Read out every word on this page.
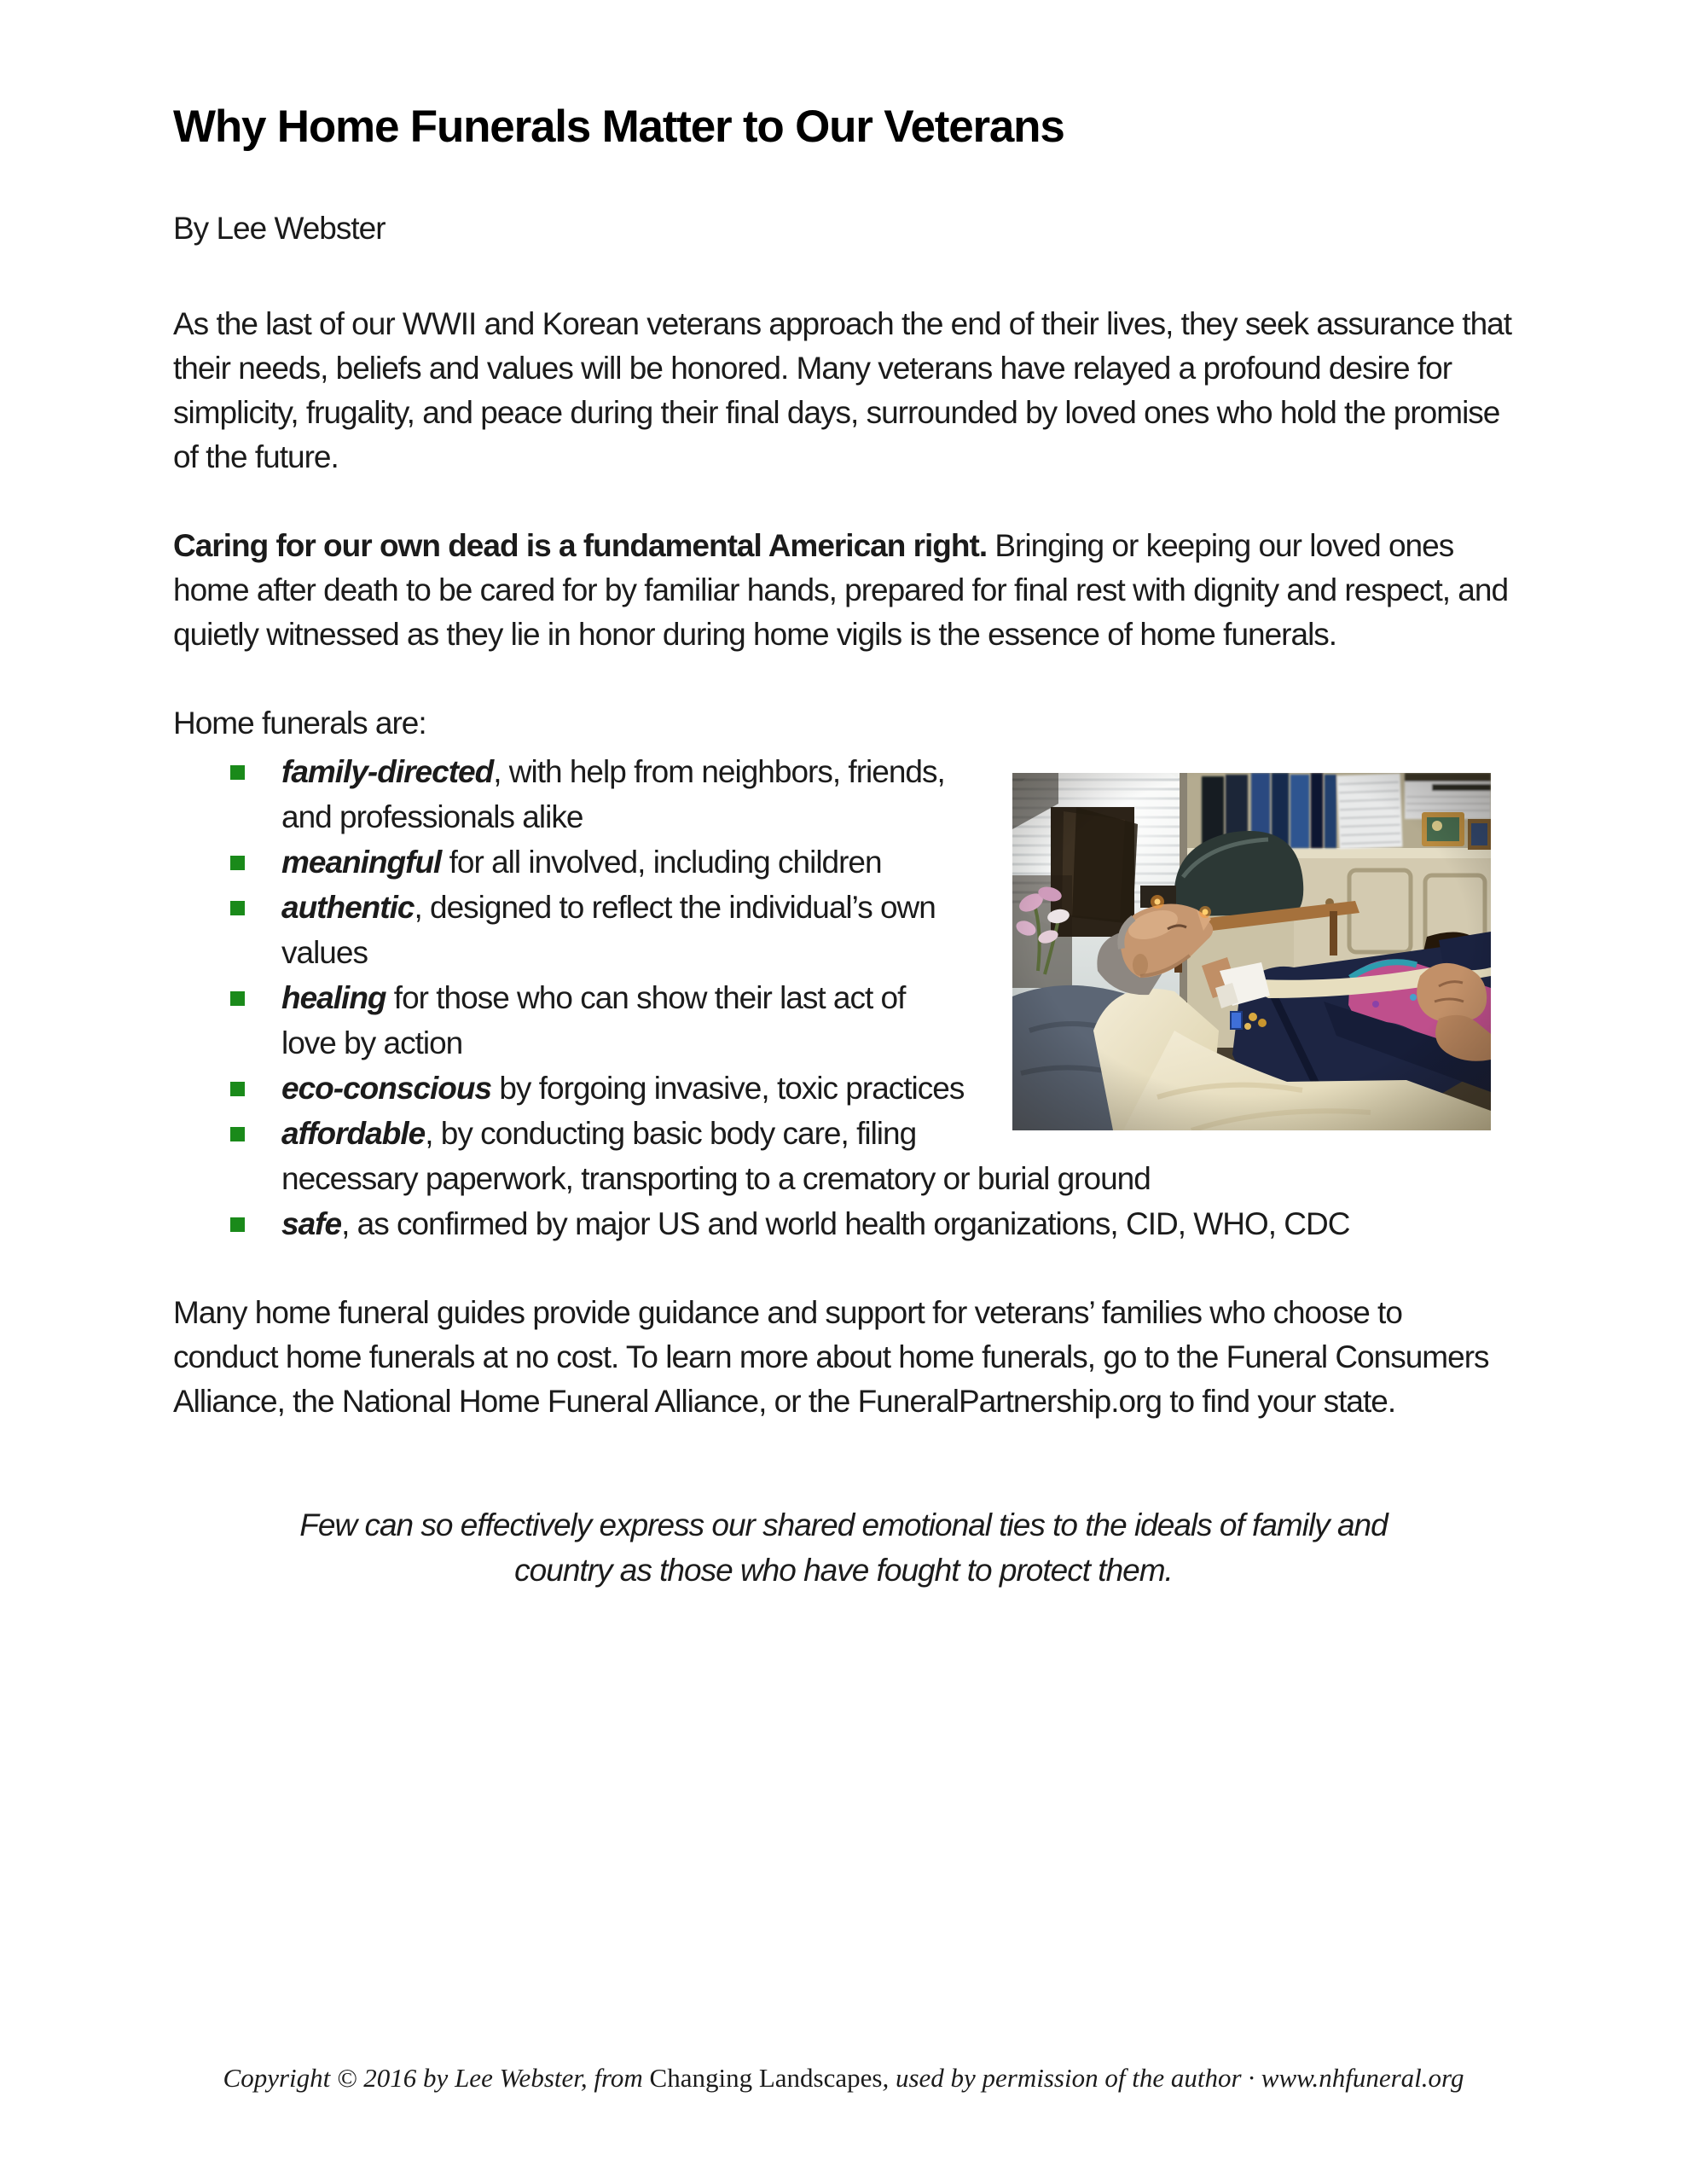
Why Home Funerals Matter to Our Veterans

By Lee Webster

As the last of our WWII and Korean veterans approach the end of their lives, they seek assurance that their needs, beliefs and values will be honored. Many veterans have relayed a profound desire for simplicity, frugality, and peace during their final days, surrounded by loved ones who hold the promise of the future.

Caring for our own dead is a fundamental American right. Bringing or keeping our loved ones home after death to be cared for by familiar hands, prepared for final rest with dignity and respect, and quietly witnessed as they lie in honor during home vigils is the essence of home funerals.

Home funerals are:

family-directed, with help from neighbors, friends, and professionals alike
meaningful for all involved, including children
authentic, designed to reflect the individual’s own values
healing for those who can show their last act of love by action
eco-conscious by forgoing invasive, toxic practices
affordable, by conducting basic body care, filing necessary paperwork, transporting to a crematory or burial ground
safe, as confirmed by major US and world health organizations, CID, WHO, CDC

Many home funeral guides provide guidance and support for veterans’ families who choose to conduct home funerals at no cost. To learn more about home funerals, go to the Funeral Consumers Alliance, the National Home Funeral Alliance, or the FuneralPartnership.org to find your state.

Few can so effectively express our shared emotional ties to the ideals of family and
country as those who have fought to protect them.
Copyright © 2016 by Lee Webster, from Changing Landscapes, used by permission of the author · www.nhfuneral.org
